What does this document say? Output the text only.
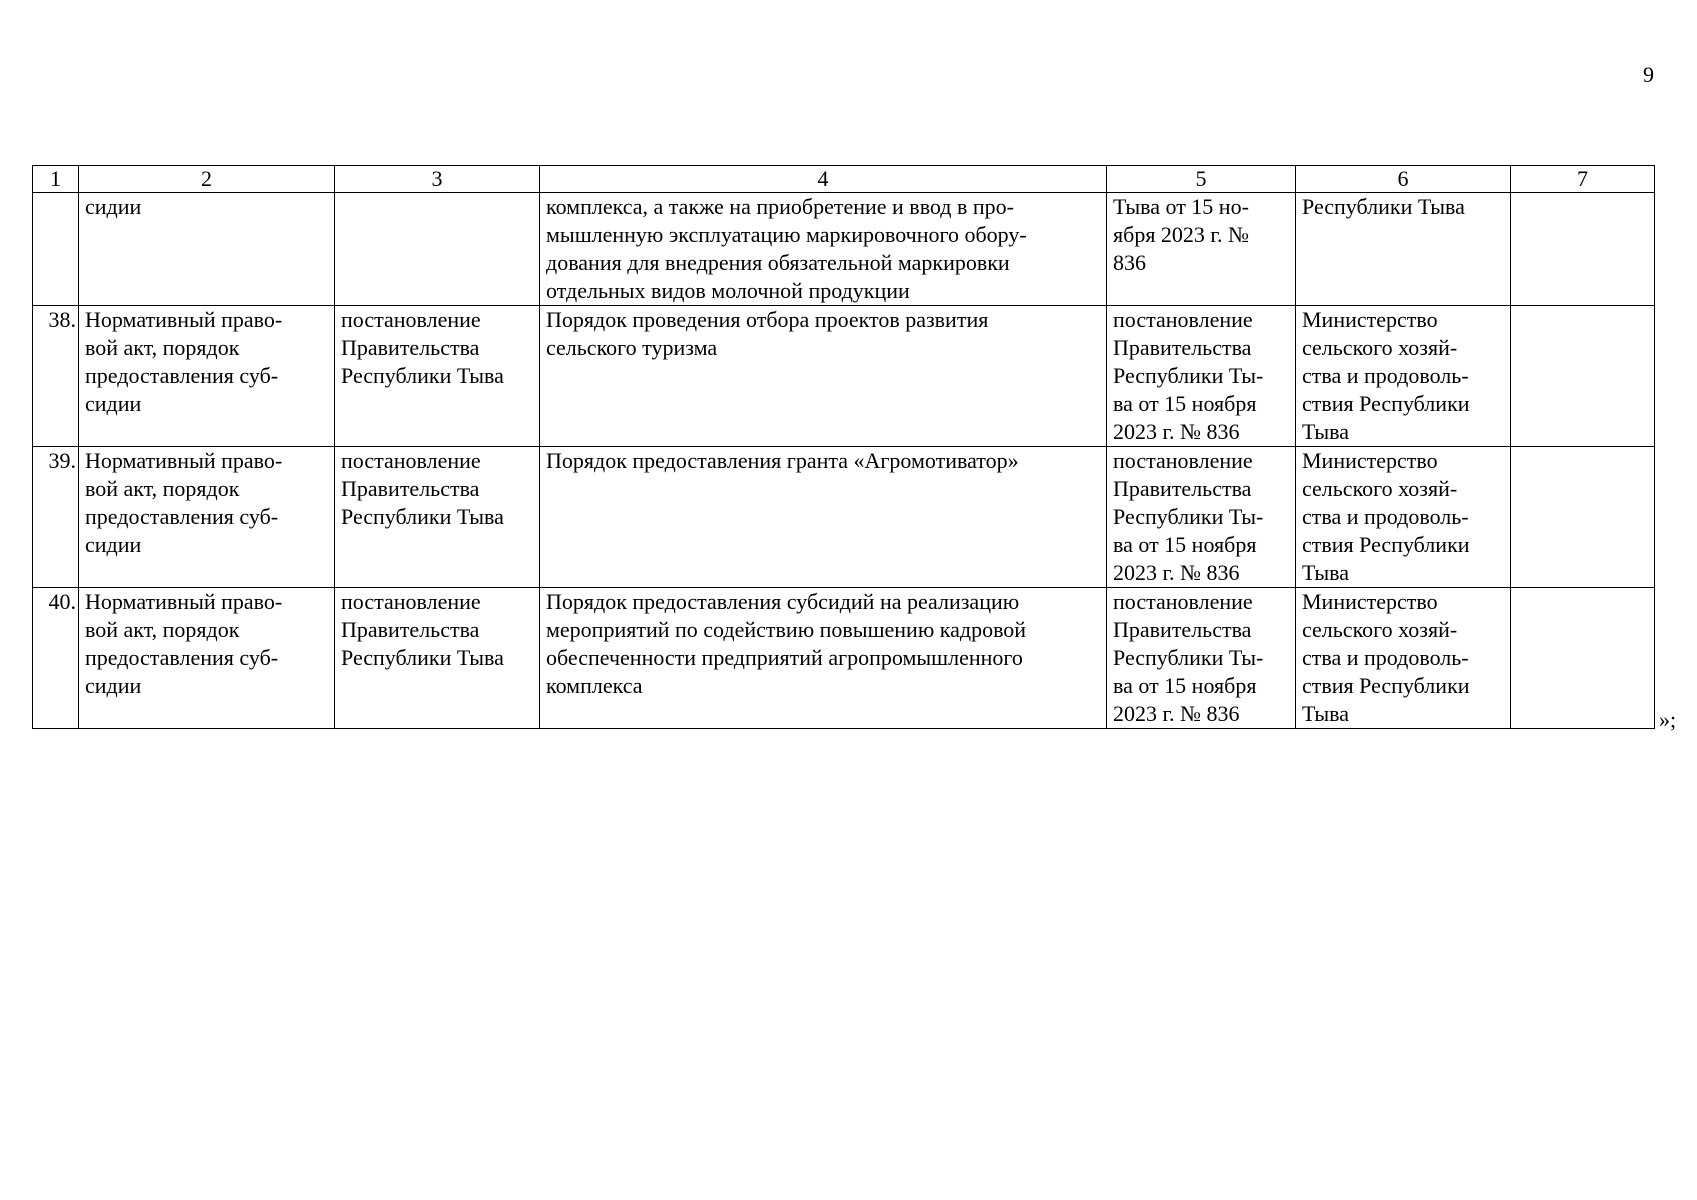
9
1	2	3	4	5	6	7

	сидии		комплекса, а также на приобретение и ввод в про-
мышленную эксплуатацию маркировочного обору-
дования для внедрения обязательной маркировки
отдельных видов молочной продукции	Тыва от 15 но-
ября 2023 г. №
836	Республики Тыва	

38.	Нормативный право-
вой акт, порядок
предоставления суб-
сидии	постановление
Правительства
Республики Тыва	Порядок проведения отбора проектов развития
сельского туризма	постановление
Правительства
Республики Ты-
ва от 15 ноября
2023 г. № 836	Министерство
сельского хозяй-
ства и продоволь-
ствия Республики
Тыва	

39.	Нормативный право-
вой акт, порядок
предоставления суб-
сидии	постановление
Правительства
Республики Тыва	Порядок предоставления гранта «Агромотиватор»	постановление
Правительства
Республики Ты-
ва от 15 ноября
2023 г. № 836	Министерство
сельского хозяй-
ства и продоволь-
ствия Республики
Тыва	

40.	Нормативный право-
вой акт, порядок
предоставления суб-
сидии	постановление
Правительства
Республики Тыва	Порядок предоставления субсидий на реализацию
мероприятий по содействию повышению кадровой
обеспеченности предприятий агропромышленного
комплекса	постановление
Правительства
Республики Ты-
ва от 15 ноября
2023 г. № 836	Министерство
сельского хозяй-
ства и продоволь-
ствия Республики
Тыва	
		»;
